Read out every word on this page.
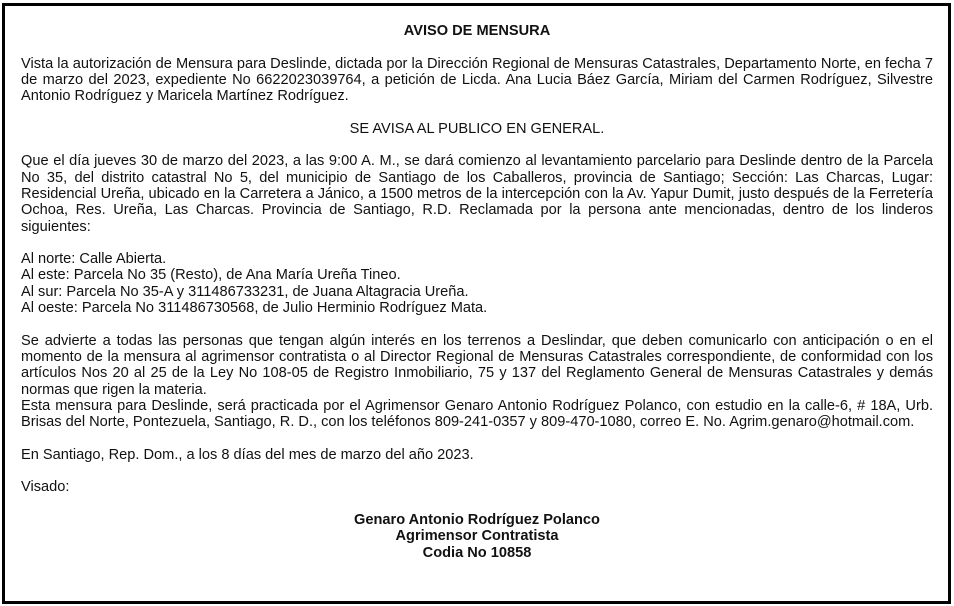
AVISO DE MENSURA

Vista la autorización de Mensura para Deslinde, dictada por la Dirección Regional de Mensuras Catastrales, Departamento Norte, en fecha 7 de marzo del 2023, expediente No 6622023039764, a petición de Licda. Ana Lucia Báez García, Miriam del Carmen Rodríguez, Silvestre Antonio Rodríguez y Maricela Martínez Rodríguez.

SE AVISA AL PUBLICO EN GENERAL.

Que el día jueves 30 de marzo del 2023, a las 9:00 A. M., se dará comienzo al levantamiento parcelario para Deslinde dentro de la Parcela No 35, del distrito catastral No 5, del municipio de Santiago de los Caballeros, provincia de Santiago; Sección: Las Charcas, Lugar: Residencial Ureña, ubicado en la Carretera a Jánico, a 1500 metros de la intercepción con la Av. Yapur Dumit, justo después de la Ferretería Ochoa, Res. Ureña, Las Charcas. Provincia de Santiago, R.D. Reclamada por la persona ante mencionadas, dentro de los linderos siguientes:

Al norte: Calle Abierta.

Al este: Parcela No 35 (Resto), de Ana María Ureña Tineo.

Al sur: Parcela No 35-A y 311486733231, de Juana Altagracia Ureña.

Al oeste: Parcela No 311486730568, de Julio Herminio Rodríguez Mata.

Se advierte a todas las personas que tengan algún interés en los terrenos a Deslindar, que deben comunicarlo con anticipación o en el momento de la mensura al agrimensor contratista o al Director Regional de Mensuras Catastrales correspondiente, de conformidad con los artículos Nos 20 al 25 de la Ley No 108-05 de Registro Inmobiliario, 75 y 137 del Reglamento General de Mensuras Catastrales y demás normas que rigen la materia.

Esta mensura para Deslinde, será practicada por el Agrimensor Genaro Antonio Rodríguez Polanco, con estudio en la calle-6, # 18A, Urb. Brisas del Norte, Pontezuela, Santiago, R. D., con los teléfonos 809-241-0357 y 809-470-1080, correo E. No. Agrim.genaro@hotmail.com.

En Santiago, Rep. Dom., a los 8 días del mes de marzo del año 2023.

Visado:

Genaro Antonio Rodríguez Polanco

Agrimensor Contratista

Codia No 10858
